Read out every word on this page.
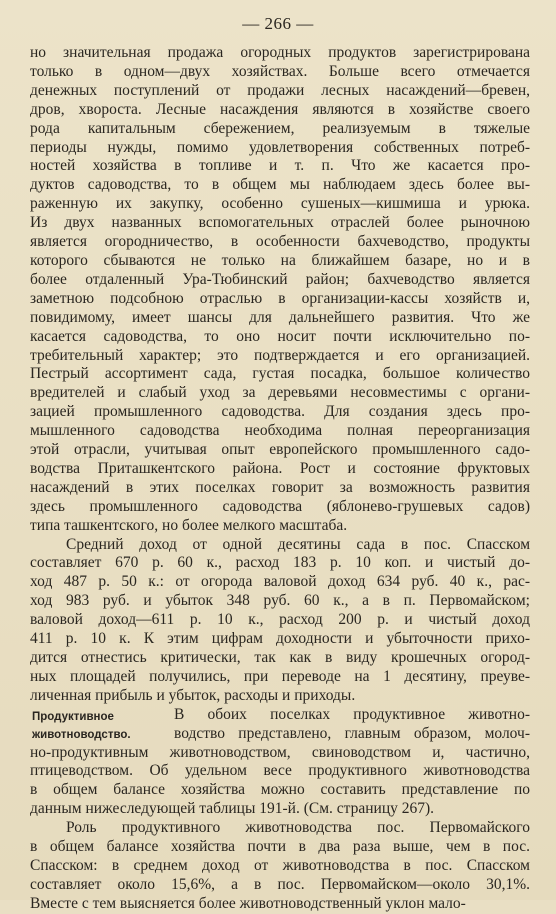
— 266 —
но значительная продажа огородных продуктов зарегистрирована
только в одном—двух хозяйствах. Больше всего отмечается
денежных поступлений от продажи лесных насаждений—бревен,
дров, хвороста. Лесные насаждения являются в хозяйстве своего
рода капитальным сбережением, реализуемым в тяжелые
периоды нужды, помимо удовлетворения собственных потреб-
ностей хозяйства в топливе и т. п. Что же касается про-
дуктов садоводства, то в общем мы наблюдаем здесь более вы-
раженную их закупку, особенно сушеных—кишмиша и урюка.
Из двух названных вспомогательных отраслей более рыночною
является огородничество, в особенности бахчеводство, продукты
которого сбываются не только на ближайшем базаре, но и в
более отдаленный Ура-Тюбинский район; бахчеводство является
заметною подсобною отраслью в организации-кассы хозяйств и,
повидимому, имеет шансы для дальнейшего развития. Что же
касается садоводства, то оно носит почти исключительно по-
требительный характер; это подтверждается и его организацией.
Пестрый ассортимент сада, густая посадка, большое количество
вредителей и слабый уход за деревьями несовместимы с органи-
зацией промышленного садоводства. Для создания здесь про-
мышленного садоводства необходима полная переорганизация
этой отрасли, учитывая опыт европейского промышленного садо-
водства Приташкентского района. Рост и состояние фруктовых
насаждений в этих поселках говорит за возможность развития
здесь промышленного садоводства (яблоневo-грушевых садов)
типа ташкентского, но более мелкого масштаба.
Средний доход от одной десятины сада в пос. Спасском
составляет 670 р. 60 к., расход 183 р. 10 коп. и чистый до-
ход 487 р. 50 к.: от огорода валовой доход 634 руб. 40 к., рас-
ход 983 руб. и убыток 348 руб. 60 к., а в п. Первомайском;
валовой доход—611 р. 10 к., расход 200 р. и чистый доход
411 р. 10 к. К этим цифрам доходности и убыточности прихо-
дится отнестись критически, так как в виду крошечных огород-
ных площадей получились, при переводе на 1 десятину, преуве-
личенная прибыль и убыток, расходы и приходы.
Продуктивное животноводство.
В обоих поселках продуктивное животно-
водство представлено, главным образом, молоч-
но-продуктивным животноводством, свиноводством и, частично,
птицеводством. Об удельном весе продуктивного животноводства
в общем балансе хозяйства можно составить представление по
данным нижеследующей таблицы 191-й. (См. страницу 267).
Роль продуктивного животноводства пос. Первомайского
в общем балансе хозяйства почти в два раза выше, чем в пос.
Спасском: в среднем доход от животноводства в пос. Спасском
составляет около 15,6%, а в пос. Первомайском—около 30,1%.
Вместе с тем выясняется более животноводственный уклон мало-
